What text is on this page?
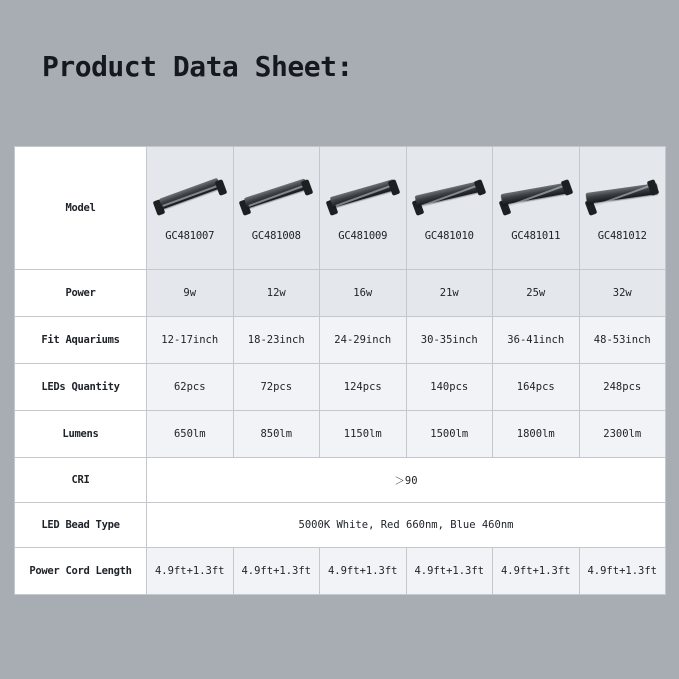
Product Data Sheet:
Model	GC481007	GC481008	GC481009	GC481010	GC481011	GC481012

Power	9w	12w	16w	21w	25w	32w
Fit Aquariums	12-17inch	18-23inch	24-29inch	30-35inch	36-41inch	48-53inch
LEDs Quantity	62pcs	72pcs	124pcs	140pcs	164pcs	248pcs
Lumens	650lm	850lm	1150lm	1500lm	1800lm	2300lm
CRI	＞90					
LED Bead Type	5000K White, Red 660nm, Blue 460nm					
Power Cord Length	4.9ft+1.3ft	4.9ft+1.3ft	4.9ft+1.3ft	4.9ft+1.3ft	4.9ft+1.3ft	4.9ft+1.3ft
